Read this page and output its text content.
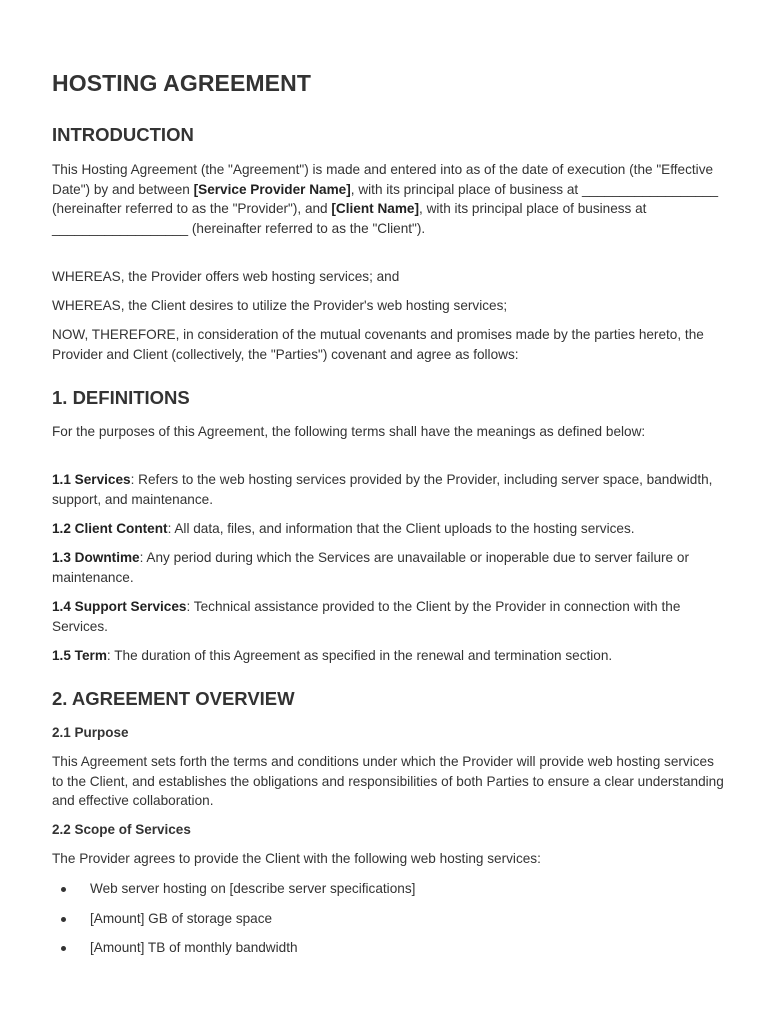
HOSTING AGREEMENT
INTRODUCTION

This Hosting Agreement (the "Agreement") is made and entered into as of the date of execution (the "Effective Date") by and between [Service Provider Name], with its principal place of business at __________________ (hereinafter referred to as the "Provider"), and [Client Name], with its principal place of business at __________________ (hereinafter referred to as the "Client").

WHEREAS, the Provider offers web hosting services; and

WHEREAS, the Client desires to utilize the Provider's web hosting services;

NOW, THEREFORE, in consideration of the mutual covenants and promises made by the parties hereto, the Provider and Client (collectively, the "Parties") covenant and agree as follows:

1. DEFINITIONS

For the purposes of this Agreement, the following terms shall have the meanings as defined below:

1.1 Services: Refers to the web hosting services provided by the Provider, including server space, bandwidth, support, and maintenance.

1.2 Client Content: All data, files, and information that the Client uploads to the hosting services.

1.3 Downtime: Any period during which the Services are unavailable or inoperable due to server failure or maintenance.

1.4 Support Services: Technical assistance provided to the Client by the Provider in connection with the Services.

1.5 Term: The duration of this Agreement as specified in the renewal and termination section.

2. AGREEMENT OVERVIEW
2.1 Purpose

This Agreement sets forth the terms and conditions under which the Provider will provide web hosting services to the Client, and establishes the obligations and responsibilities of both Parties to ensure a clear understanding and effective collaboration.

2.2 Scope of Services

The Provider agrees to provide the Client with the following web hosting services:

Web server hosting on [describe server specifications]
[Amount] GB of storage space
[Amount] TB of monthly bandwidth
